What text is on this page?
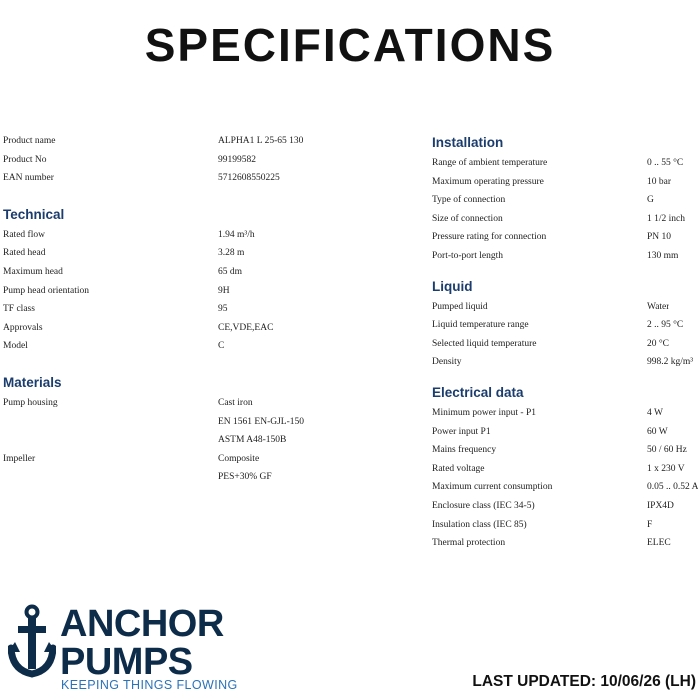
SPECIFICATIONS
Product name	ALPHA1 L 25-65 130
Product No	99199582
EAN number	5712608550225
Technical
Rated flow	1.94 m³/h
Rated head	3.28 m
Maximum head	65 dm
Pump head orientation	9H
TF class	95
Approvals	CE,VDE,EAC
Model	C
Materials
Pump housing	Cast iron
EN 1561 EN-GJL-150
ASTM A48-150B
Impeller	Composite
PES+30% GF
Installation
Range of ambient temperature	0 .. 55 °C
Maximum operating pressure	10 bar
Type of connection	G
Size of connection	1 1/2 inch
Pressure rating for connection	PN 10
Port-to-port length	130 mm
Liquid
Pumped liquid	Water
Liquid temperature range	2 .. 95 °C
Selected liquid temperature	20 °C
Density	998.2 kg/m³
Electrical data
Minimum power input - P1	4 W
Power input P1	60 W
Mains frequency	50 / 60 Hz
Rated voltage	1 x 230 V
Maximum current consumption	0.05 .. 0.52 A
Enclosure class (IEC 34-5)	IPX4D
Insulation class (IEC 85)	F
Thermal protection	ELEC
ANCHOR
PUMPS
KEEPING THINGS FLOWING	LAST UPDATED: 10/06/26 (LH)
